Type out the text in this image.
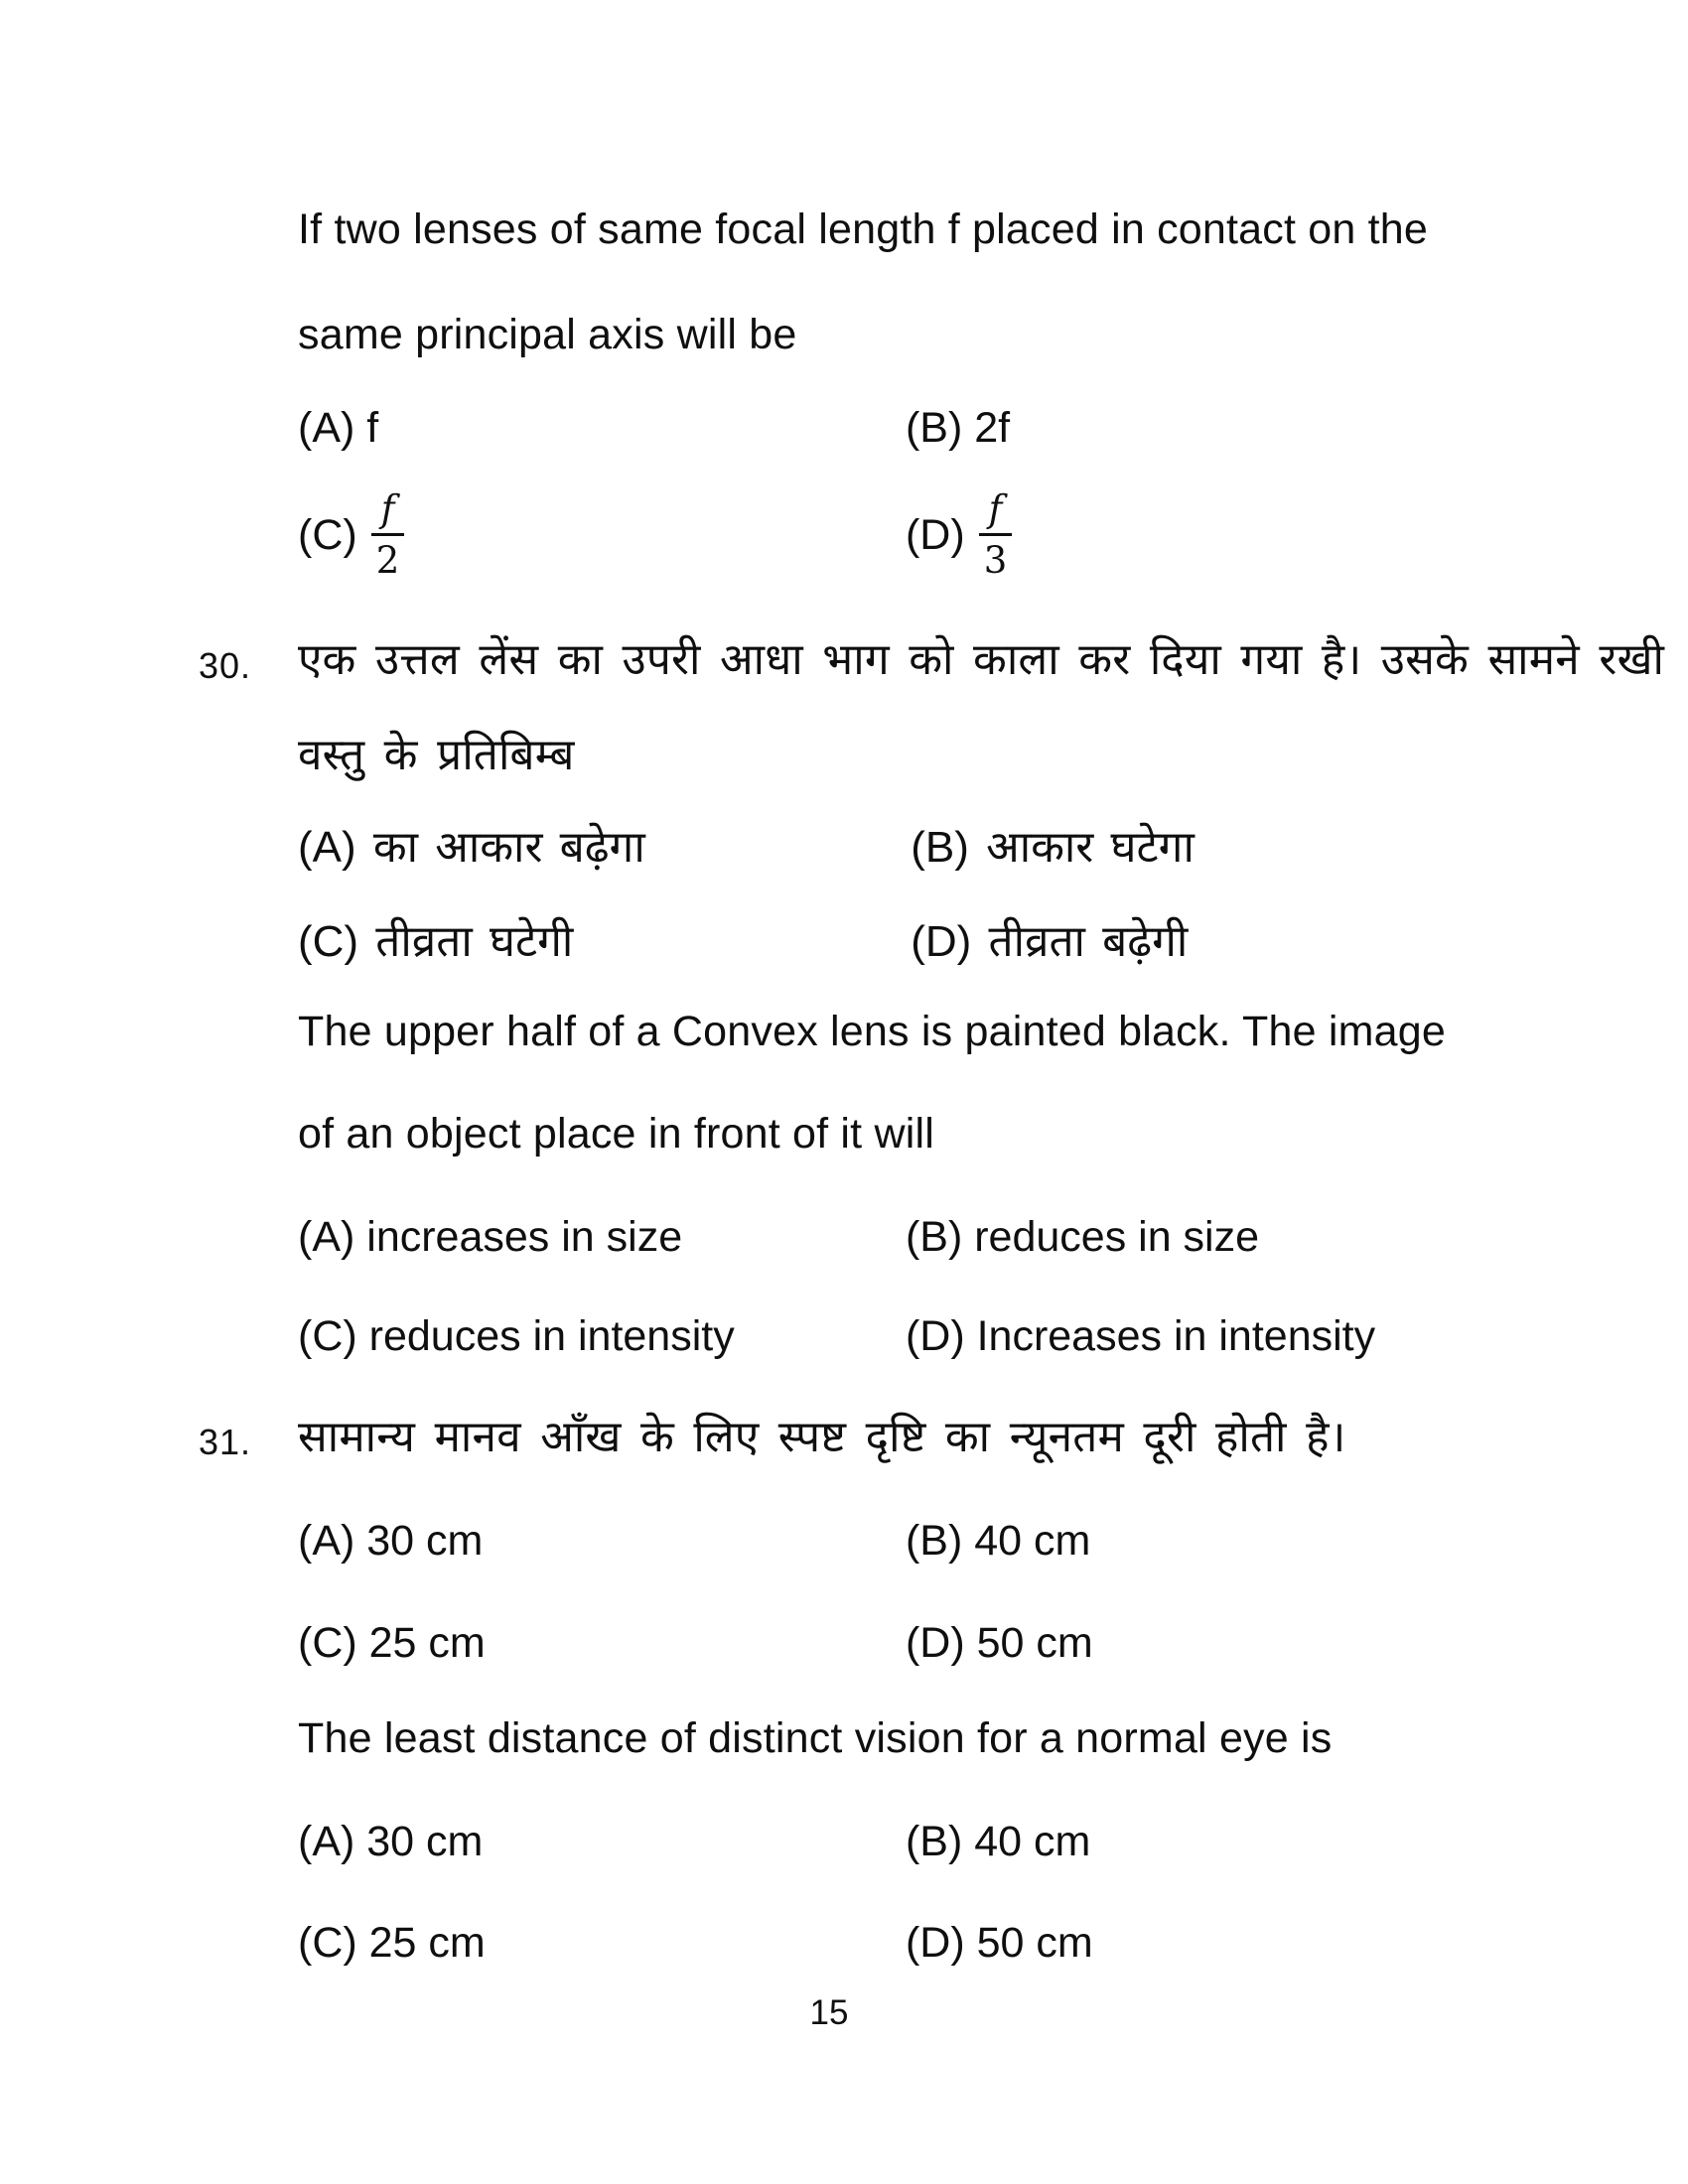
If two lenses of same focal length f placed in contact on the
same principal axis will be
(A) f	(B) 2f
$(C) \frac{f}{2}$
	$(D) \frac{f}{3}$
30. एक उत्तल लेंस का उपरी आधा भाग को काला कर दिया गया है। उसके सामने रखी
वस्तु के प्रतिबिम्ब
(A) का आकार बढ़ेगा	(B) आकार घटेगा
(C) तीव्रता घटेगी	(D) तीव्रता बढ़ेगी
The upper half of a Convex lens is painted black. The image
of an object place in front of it will
(A) increases in size	(B) reduces in size
(C) reduces in intensity	(D) Increases in intensity
31. सामान्य मानव आँख के लिए स्पष्ट दृष्टि का न्यूनतम दूरी होती है।
(A) 30 cm	(B) 40 cm
(C) 25 cm	(D) 50 cm
The least distance of distinct vision for a normal eye is
(A) 30 cm	(B) 40 cm
(C) 25 cm	(D) 50 cm
15
